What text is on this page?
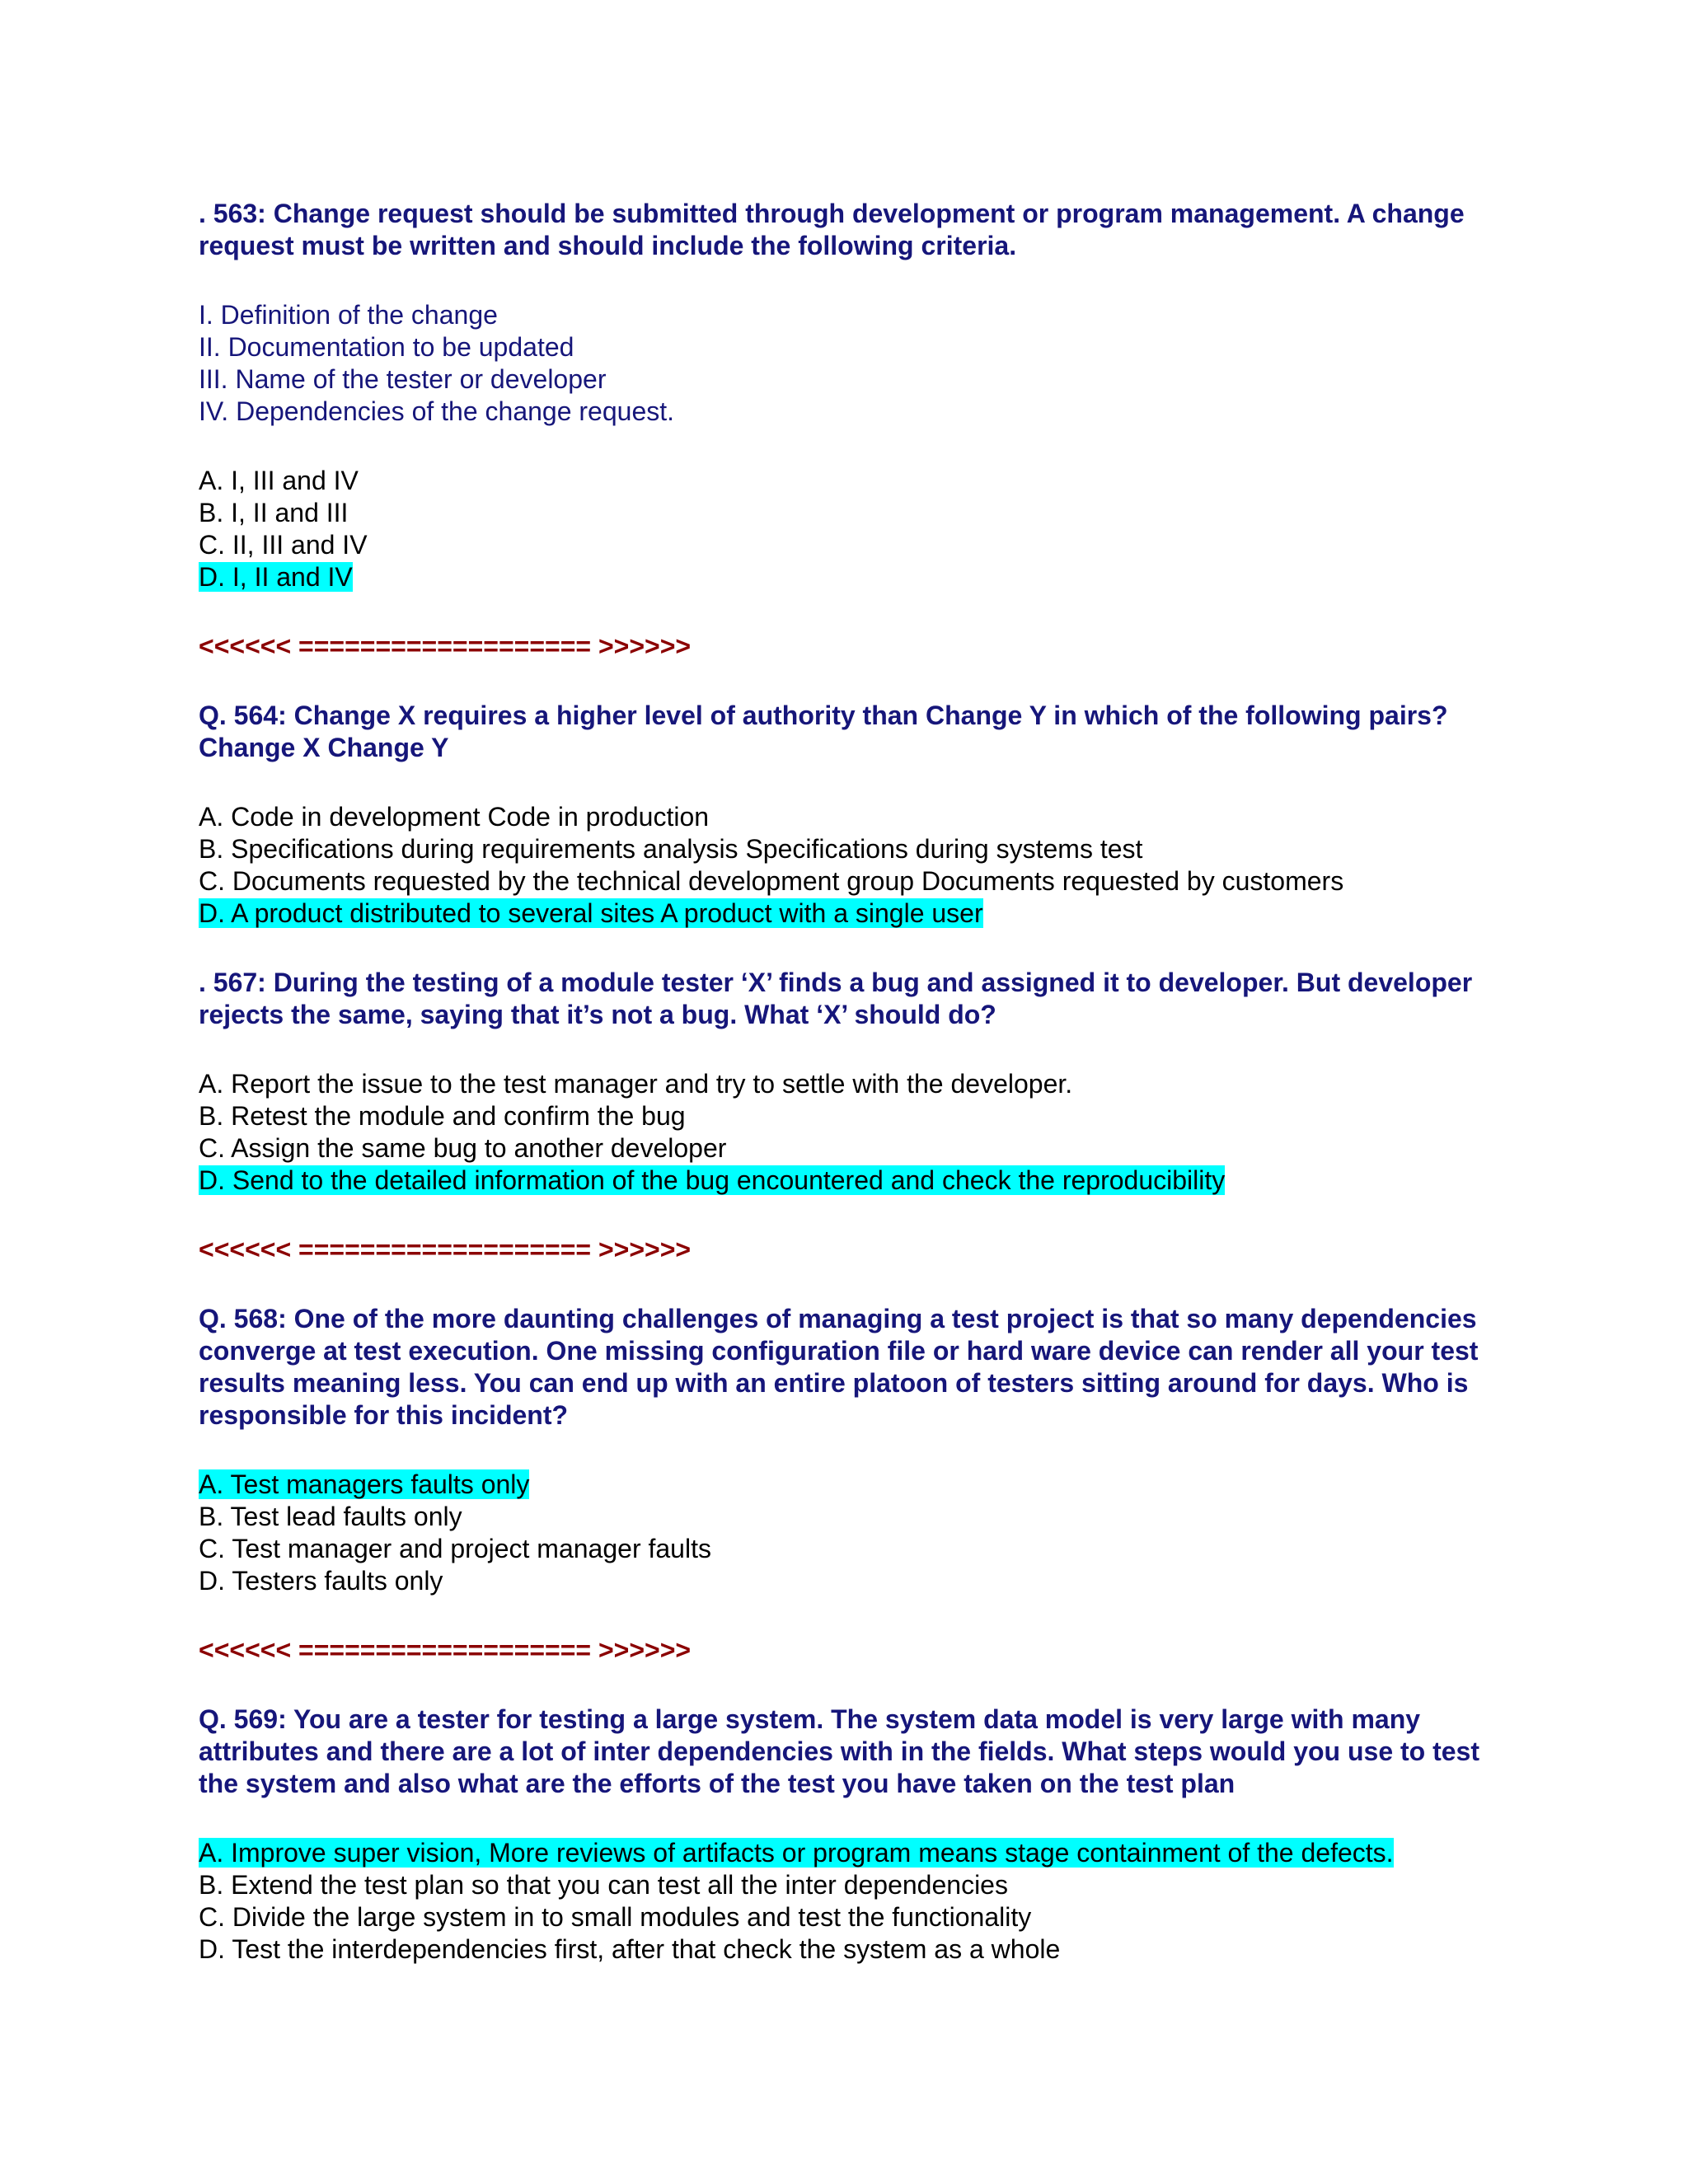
. 563: Change request should be submitted through development or program management. A change request must be written and should include the following criteria.

I. Definition of the change
II. Documentation to be updated
III. Name of the tester or developer
IV. Dependencies of the change request.
A. I, III and IV
B. I, II and III
C. II, III and IV
D. I, II and IV
<<<<<< =================== >>>>>>

Q. 564: Change X requires a higher level of authority than Change Y in which of the following pairs? Change X Change Y

A. Code in development Code in production
B. Specifications during requirements analysis Specifications during systems test
C. Documents requested by the technical development group Documents requested by customers
D. A product distributed to several sites A product with a single user

. 567: During the testing of a module tester ‘X’ finds a bug and assigned it to developer. But developer rejects the same, saying that it’s not a bug. What ‘X’ should do?

A. Report the issue to the test manager and try to settle with the developer.
B. Retest the module and confirm the bug
C. Assign the same bug to another developer
D. Send to the detailed information of the bug encountered and check the reproducibility
<<<<<< =================== >>>>>>

Q. 568: One of the more daunting challenges of managing a test project is that so many dependencies converge at test execution. One missing configuration file or hard ware device can render all your test results meaning less. You can end up with an entire platoon of testers sitting around for days. Who is responsible for this incident?

A. Test managers faults only
B. Test lead faults only
C. Test manager and project manager faults
D. Testers faults only
<<<<<< =================== >>>>>>

Q. 569: You are a tester for testing a large system. The system data model is very large with many attributes and there are a lot of inter dependencies with in the fields. What steps would you use to test the system and also what are the efforts of the test you have taken on the test plan

A. Improve super vision, More reviews of artifacts or program means stage containment of the defects.
B. Extend the test plan so that you can test all the inter dependencies
C. Divide the large system in to small modules and test the functionality
D. Test the interdependencies first, after that check the system as a whole
